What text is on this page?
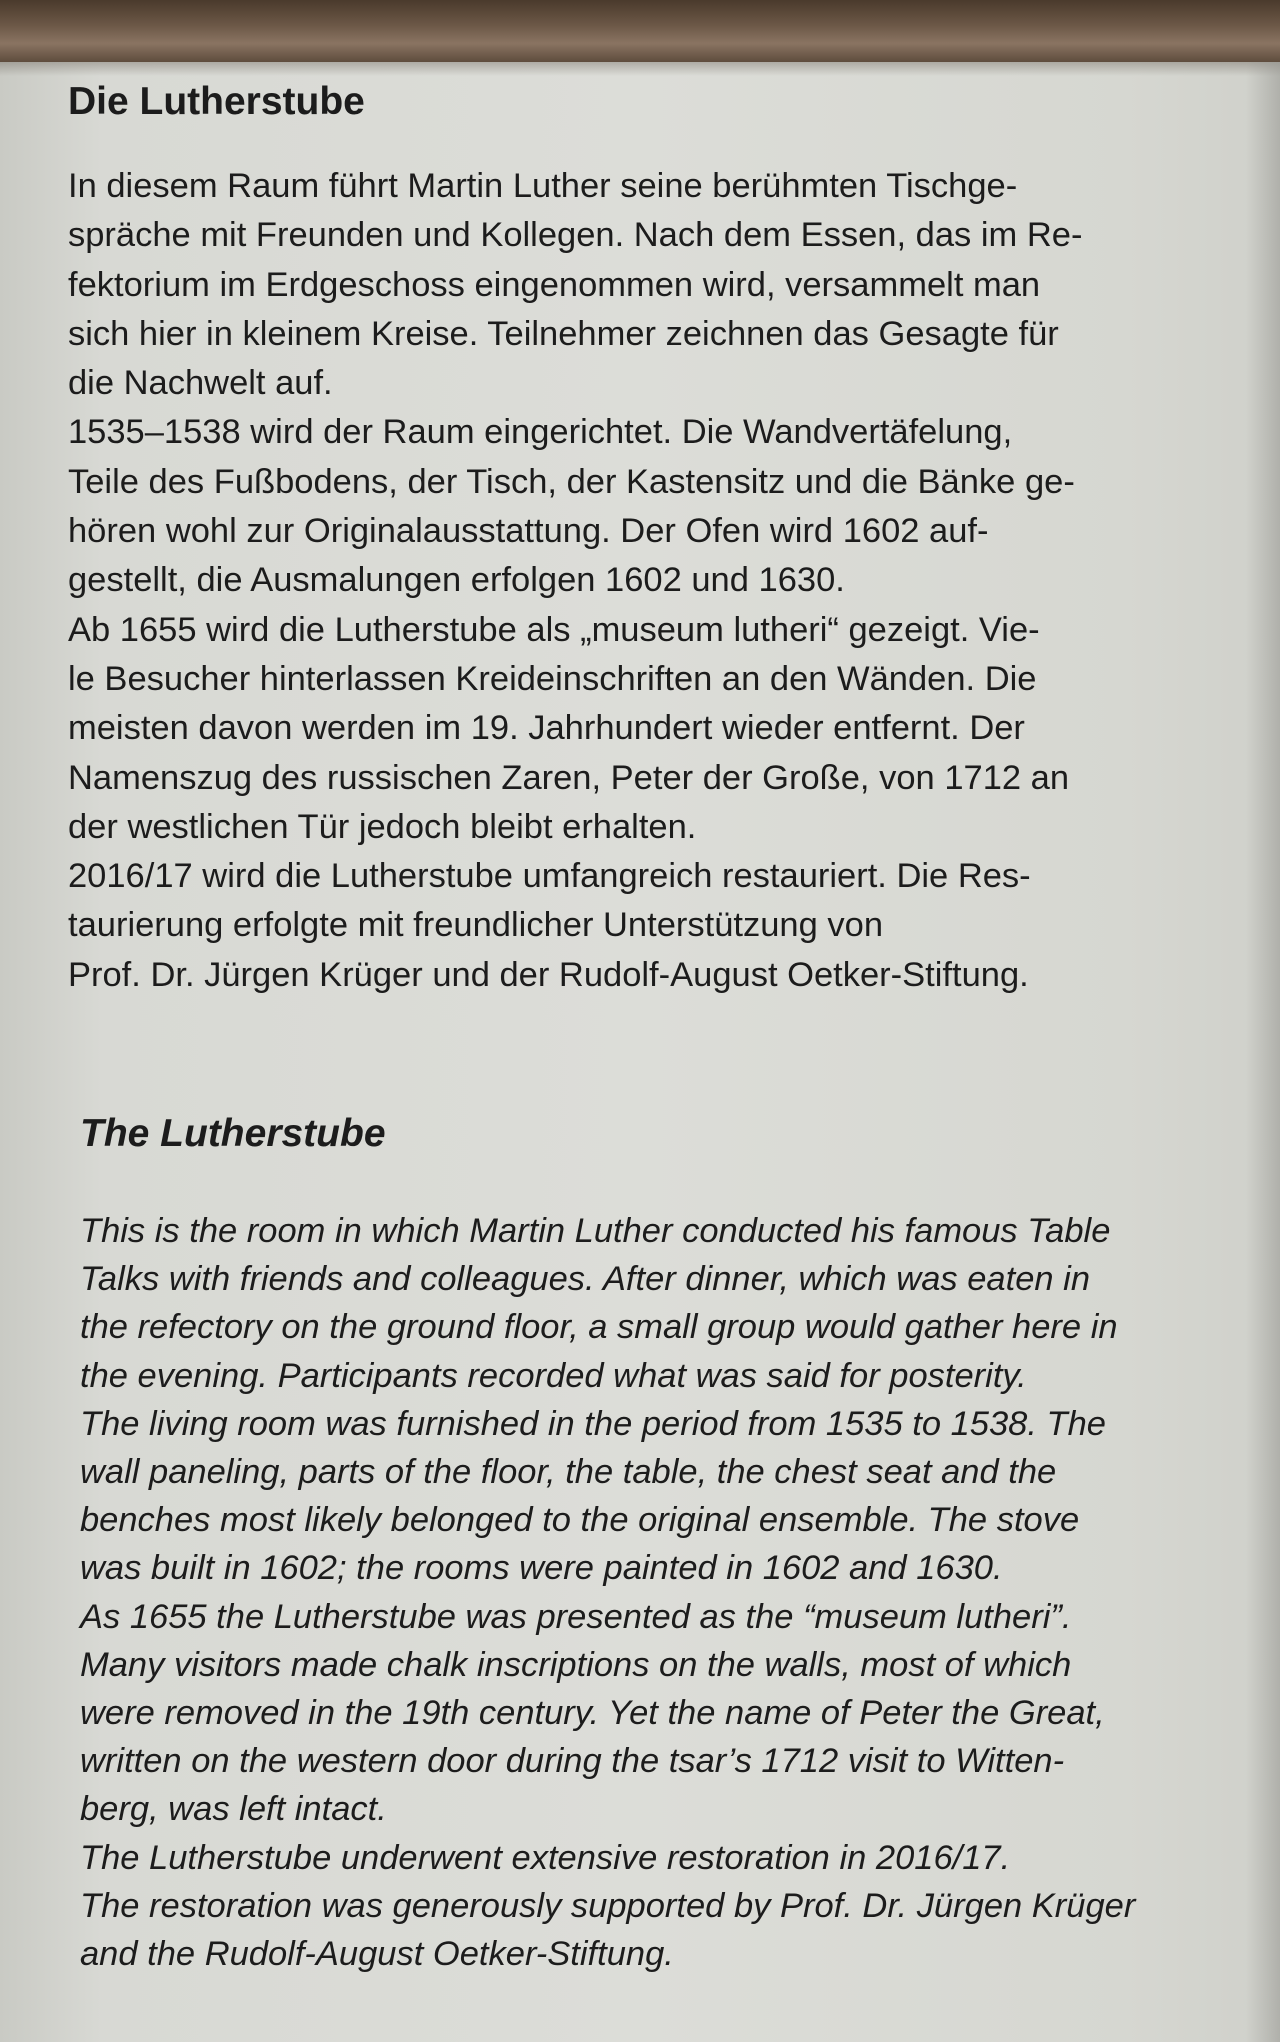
Die Lutherstube
In diesem Raum führt Martin Luther seine berühmten Tischge-
spräche mit Freunden und Kollegen. Nach dem Essen, das im Re-
fektorium im Erdgeschoss eingenommen wird, versammelt man
sich hier in kleinem Kreise. Teilnehmer zeichnen das Gesagte für
die Nachwelt auf.
1535–1538 wird der Raum eingerichtet. Die Wandvertäfelung,
Teile des Fußbodens, der Tisch, der Kastensitz und die Bänke ge-
hören wohl zur Originalausstattung. Der Ofen wird 1602 auf-
gestellt, die Ausmalungen erfolgen 1602 und 1630.
Ab 1655 wird die Lutherstube als „museum lutheri“ gezeigt. Vie-
le Besucher hinterlassen Kreideinschriften an den Wänden. Die
meisten davon werden im 19. Jahrhundert wieder entfernt. Der
Namenszug des russischen Zaren, Peter der Große, von 1712 an
der westlichen Tür jedoch bleibt erhalten.
2016/17 wird die Lutherstube umfangreich restauriert. Die Res-
taurierung erfolgte mit freundlicher Unterstützung von
Prof. Dr. Jürgen Krüger und der Rudolf-August Oetker-Stiftung.
The Lutherstube
This is the room in which Martin Luther conducted his famous Table
Talks with friends and colleagues. After dinner, which was eaten in
the refectory on the ground floor, a small group would gather here in
the evening. Participants recorded what was said for posterity.
The living room was furnished in the period from 1535 to 1538. The
wall paneling, parts of the floor, the table, the chest seat and the
benches most likely belonged to the original ensemble. The stove
was built in 1602; the rooms were painted in 1602 and 1630.
As 1655 the Lutherstube was presented as the “museum lutheri”.
Many visitors made chalk inscriptions on the walls, most of which
were removed in the 19th century. Yet the name of Peter the Great,
written on the western door during the tsar’s 1712 visit to Witten-
berg, was left intact.
The Lutherstube underwent extensive restoration in 2016/17.
The restoration was generously supported by Prof. Dr. Jürgen Krüger
and the Rudolf-August Oetker-Stiftung.
